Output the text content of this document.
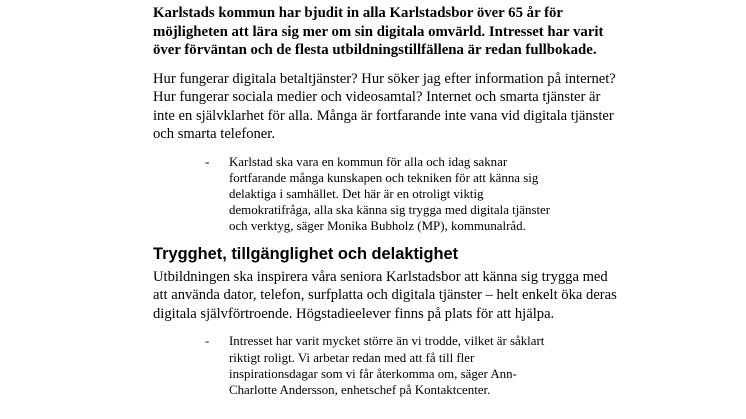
Karlstads kommun har bjudit in alla Karlstadsbor över 65 år för möjligheten att lära sig mer om sin digitala omvärld. Intresset har varit över förväntan och de flesta utbildningstillfällena är redan fullbokade.

Hur fungerar digitala betaltjänster? Hur söker jag efter information på internet? Hur fungerar sociala medier och videosamtal? Internet och smarta tjänster är inte en självklarhet för alla. Många är fortfarande inte vana vid digitala tjänster och smarta telefoner.

- Karlstad ska vara en kommun för alla och idag saknar fortfarande många kunskapen och tekniken för att känna sig delaktiga i samhället. Det här är en otroligt viktig demokratifråga, alla ska känna sig trygga med digitala tjänster och verktyg, säger Monika Bubholz (MP), kommunalråd.
Trygghet, tillgänglighet och delaktighet

Utbildningen ska inspirera våra seniora Karlstadsbor att känna sig trygga med att använda dator, telefon, surfplatta och digitala tjänster – helt enkelt öka deras digitala självförtroende. Högstadieelever finns på plats för att hjälpa.

- Intresset har varit mycket större än vi trodde, vilket är såklart riktigt roligt. Vi arbetar redan med att få till fler inspirationsdagar som vi får återkomma om, säger Ann-Charlotte Andersson, enhetschef på Kontaktcenter.
